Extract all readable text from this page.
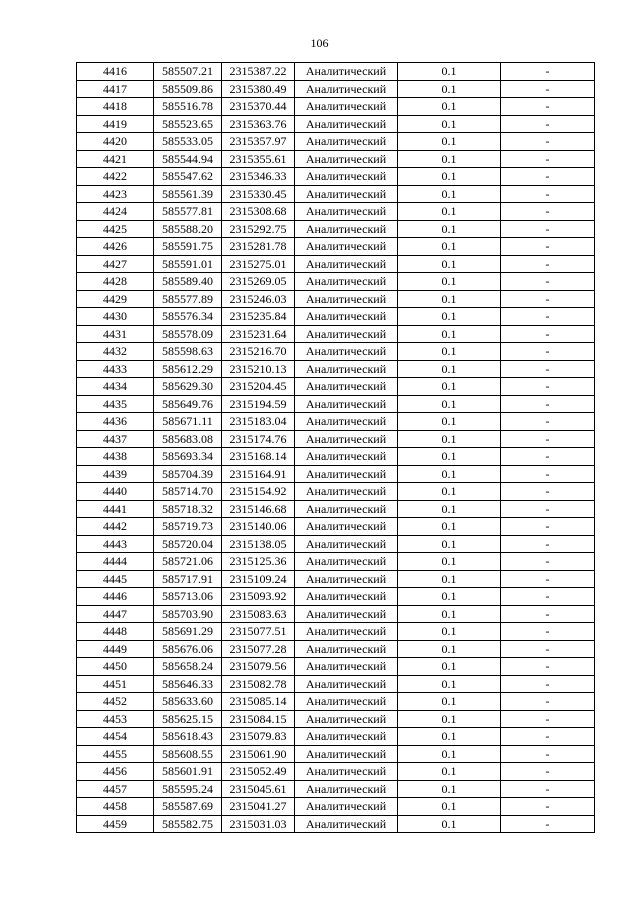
106
4416	585507.21	2315387.22	Аналитический	0.1	-
4417	585509.86	2315380.49	Аналитический	0.1	-
4418	585516.78	2315370.44	Аналитический	0.1	-
4419	585523.65	2315363.76	Аналитический	0.1	-
4420	585533.05	2315357.97	Аналитический	0.1	-
4421	585544.94	2315355.61	Аналитический	0.1	-
4422	585547.62	2315346.33	Аналитический	0.1	-
4423	585561.39	2315330.45	Аналитический	0.1	-
4424	585577.81	2315308.68	Аналитический	0.1	-
4425	585588.20	2315292.75	Аналитический	0.1	-
4426	585591.75	2315281.78	Аналитический	0.1	-
4427	585591.01	2315275.01	Аналитический	0.1	-
4428	585589.40	2315269.05	Аналитический	0.1	-
4429	585577.89	2315246.03	Аналитический	0.1	-
4430	585576.34	2315235.84	Аналитический	0.1	-
4431	585578.09	2315231.64	Аналитический	0.1	-
4432	585598.63	2315216.70	Аналитический	0.1	-
4433	585612.29	2315210.13	Аналитический	0.1	-
4434	585629.30	2315204.45	Аналитический	0.1	-
4435	585649.76	2315194.59	Аналитический	0.1	-
4436	585671.11	2315183.04	Аналитический	0.1	-
4437	585683.08	2315174.76	Аналитический	0.1	-
4438	585693.34	2315168.14	Аналитический	0.1	-
4439	585704.39	2315164.91	Аналитический	0.1	-
4440	585714.70	2315154.92	Аналитический	0.1	-
4441	585718.32	2315146.68	Аналитический	0.1	-
4442	585719.73	2315140.06	Аналитический	0.1	-
4443	585720.04	2315138.05	Аналитический	0.1	-
4444	585721.06	2315125.36	Аналитический	0.1	-
4445	585717.91	2315109.24	Аналитический	0.1	-
4446	585713.06	2315093.92	Аналитический	0.1	-
4447	585703.90	2315083.63	Аналитический	0.1	-
4448	585691.29	2315077.51	Аналитический	0.1	-
4449	585676.06	2315077.28	Аналитический	0.1	-
4450	585658.24	2315079.56	Аналитический	0.1	-
4451	585646.33	2315082.78	Аналитический	0.1	-
4452	585633.60	2315085.14	Аналитический	0.1	-
4453	585625.15	2315084.15	Аналитический	0.1	-
4454	585618.43	2315079.83	Аналитический	0.1	-
4455	585608.55	2315061.90	Аналитический	0.1	-
4456	585601.91	2315052.49	Аналитический	0.1	-
4457	585595.24	2315045.61	Аналитический	0.1	-
4458	585587.69	2315041.27	Аналитический	0.1	-
4459	585582.75	2315031.03	Аналитический	0.1	-
